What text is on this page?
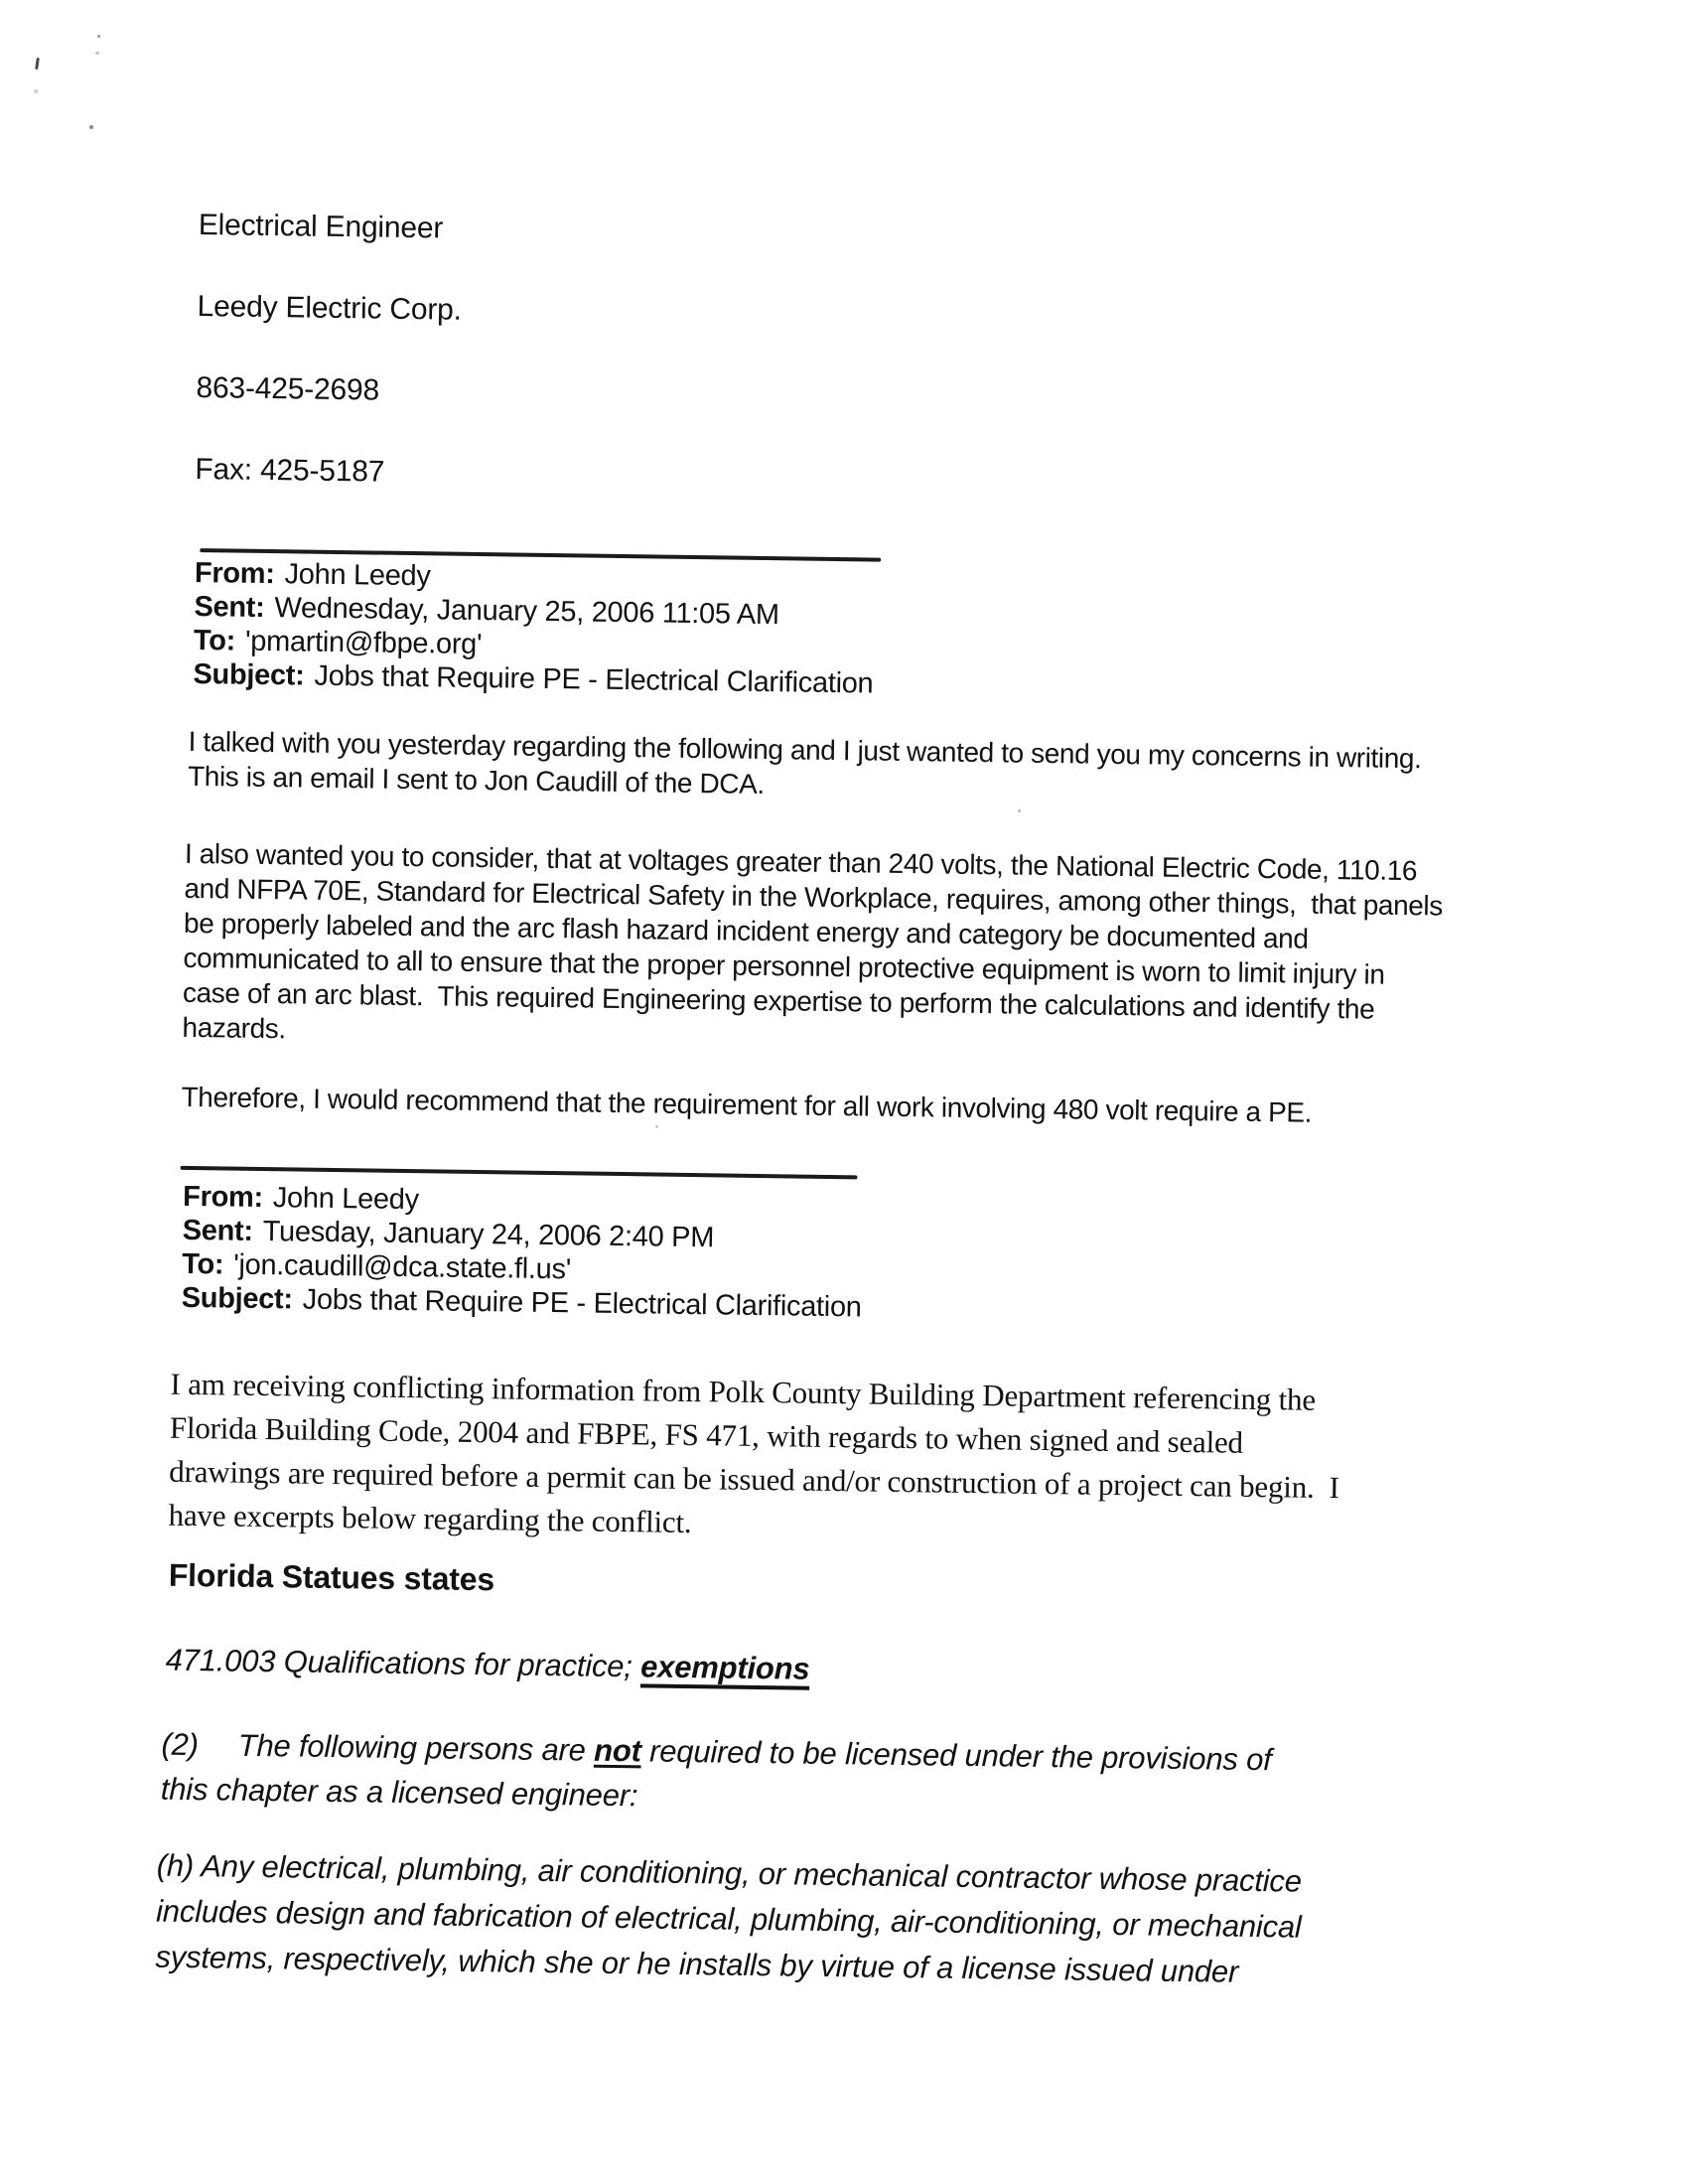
Electrical Engineer
Leedy Electric Corp.
863-425-2698
Fax: 425-5187
From: John Leedy
Sent: Wednesday, January 25, 2006 11:05 AM
To: 'pmartin@fbpe.org'
Subject: Jobs that Require PE - Electrical Clarification
I talked with you yesterday regarding the following and I just wanted to send you my concerns in writing.
This is an email I sent to Jon Caudill of the DCA.
I also wanted you to consider, that at voltages greater than 240 volts, the National Electric Code, 110.16
and NFPA 70E, Standard for Electrical Safety in the Workplace, requires, among other things,  that panels
be properly labeled and the arc flash hazard incident energy and category be documented and
communicated to all to ensure that the proper personnel protective equipment is worn to limit injury in
case of an arc blast.  This required Engineering expertise to perform the calculations and identify the
hazards.
Therefore, I would recommend that the requirement for all work involving 480 volt require a PE.
From: John Leedy
Sent: Tuesday, January 24, 2006 2:40 PM
To: 'jon.caudill@dca.state.fl.us'
Subject: Jobs that Require PE - Electrical Clarification
I am receiving conflicting information from Polk County Building Department referencing the
Florida Building Code, 2004 and FBPE, FS 471, with regards to when signed and sealed
drawings are required before a permit can be issued and/or construction of a project can begin.  I
have excerpts below regarding the conflict.
Florida Statues states
471.003 Qualifications for practice; exemptions
(2) The following persons are not required to be licensed under the provisions of
this chapter as a licensed engineer:
(h) Any electrical, plumbing, air conditioning, or mechanical contractor whose practice
includes design and fabrication of electrical, plumbing, air-conditioning, or mechanical
systems, respectively, which she or he installs by virtue of a license issued under
